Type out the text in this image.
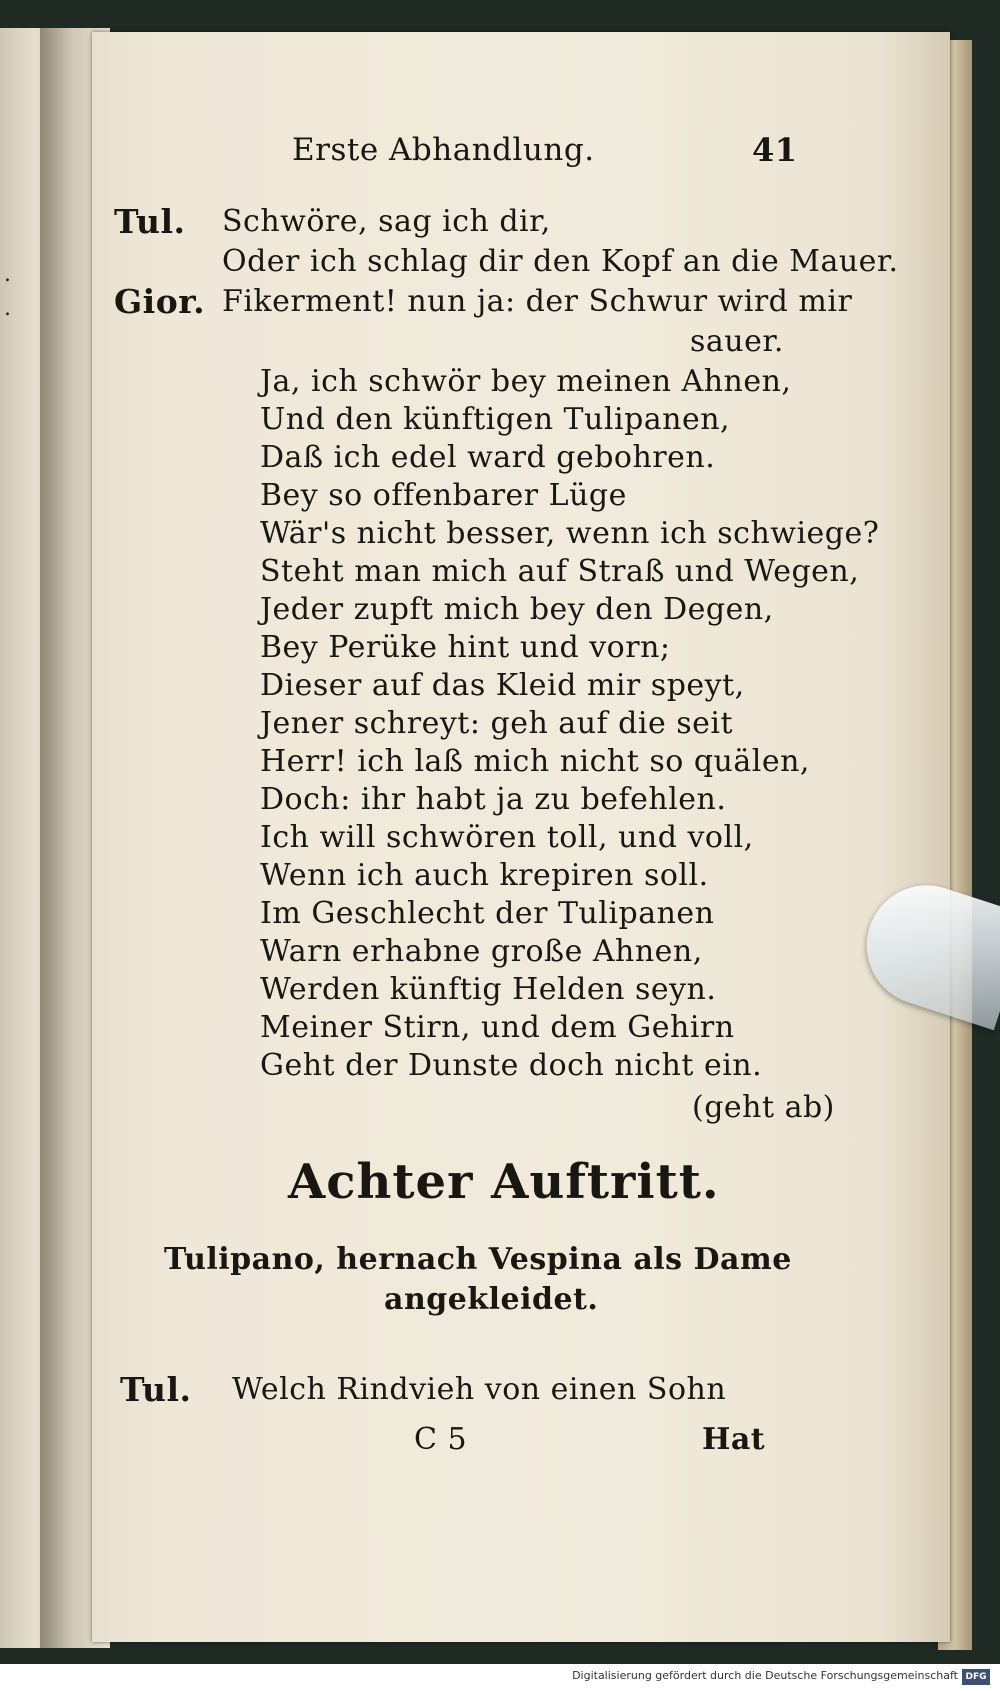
Erste Abhandlung.	41
Tul. Schwöre, sag ich dir,
Oder ich schlag dir den Kopf an die Mauer.
Gior. Fikerment! nun ja: der Schwur wird mir
sauer.
Ja, ich schwör bey meinen Ahnen,
Und den künftigen Tulipanen,
Daß ich edel ward gebohren.
Bey so offenbarer Lüge
Wär's nicht besser, wenn ich schwiege?
Steht man mich auf Straß und Wegen,
Jeder zupft mich bey den Degen,
Bey Perüke hint und vorn;
Dieser auf das Kleid mir speyt,
Jener schreyt: geh auf die seit
Herr! ich laß mich nicht so quälen,
Doch: ihr habt ja zu befehlen.
Ich will schwören toll, und voll,
Wenn ich auch krepiren soll.
Im Geschlecht der Tulipanen
Warn erhabne große Ahnen,
Werden künftig Helden seyn.
Meiner Stirn, und dem Gehirn
Geht der Dunste doch nicht ein.
(geht ab)
Achter Auftritt.
Tulipano, hernach Vespina als Dame
angekleidet.
Tul. Welch Rindvieh von einen Sohn
C 5	Hat
.
.
Digitalisierung gefördert durch die Deutsche Forschungsgemeinschaft DFG
